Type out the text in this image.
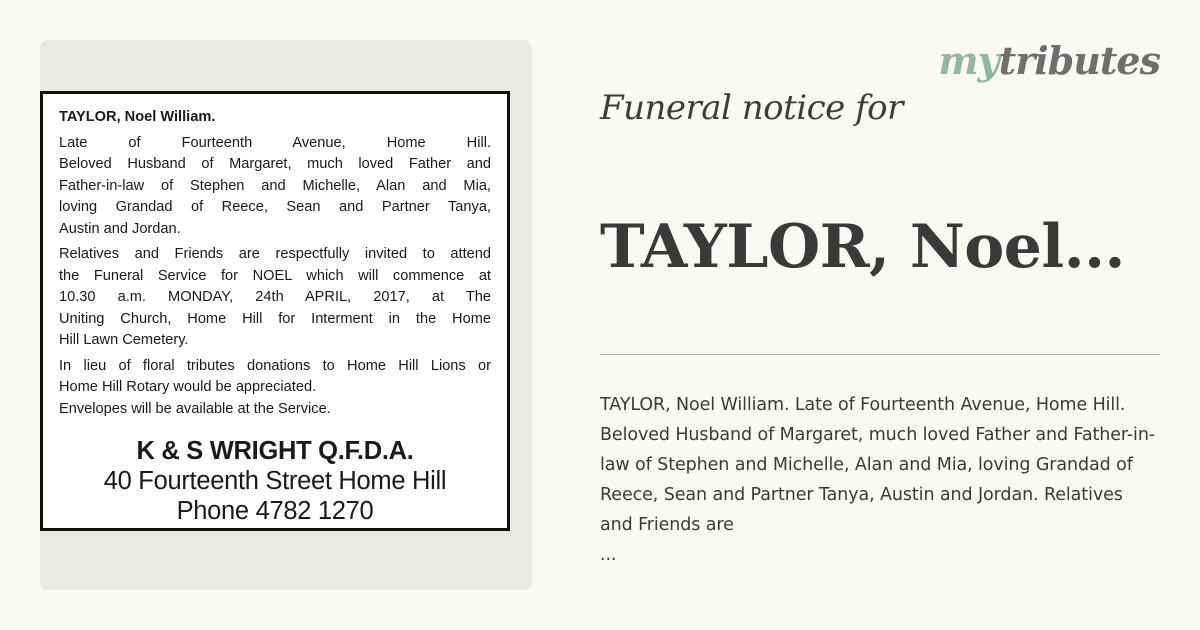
TAYLOR, Noel William.
Late of Fourteenth Avenue, Home Hill.
Beloved Husband of Margaret, much loved Father and
Father-in-law of Stephen and Michelle, Alan and Mia,
loving Grandad of Reece, Sean and Partner Tanya,
Austin and Jordan.
Relatives and Friends are respectfully invited to attend
the Funeral Service for NOEL which will commence at
10.30 a.m. MONDAY, 24th APRIL, 2017, at The
Uniting Church, Home Hill for Interment in the Home
Hill Lawn Cemetery.
In lieu of floral tributes donations to Home Hill Lions or
Home Hill Rotary would be appreciated.
Envelopes will be available at the Service.
K & S WRIGHT Q.F.D.A.
40 Fourteenth Street Home Hill
Phone 4782 1270
mytributes
Funeral notice for
TAYLOR, Noel...
TAYLOR, Noel William. Late of Fourteenth Avenue, Home Hill. Beloved Husband of Margaret, much loved Father and Father-in-law of Stephen and Michelle, Alan and Mia, loving Grandad of Reece, Sean and Partner Tanya, Austin and Jordan. Relatives and Friends are
...
